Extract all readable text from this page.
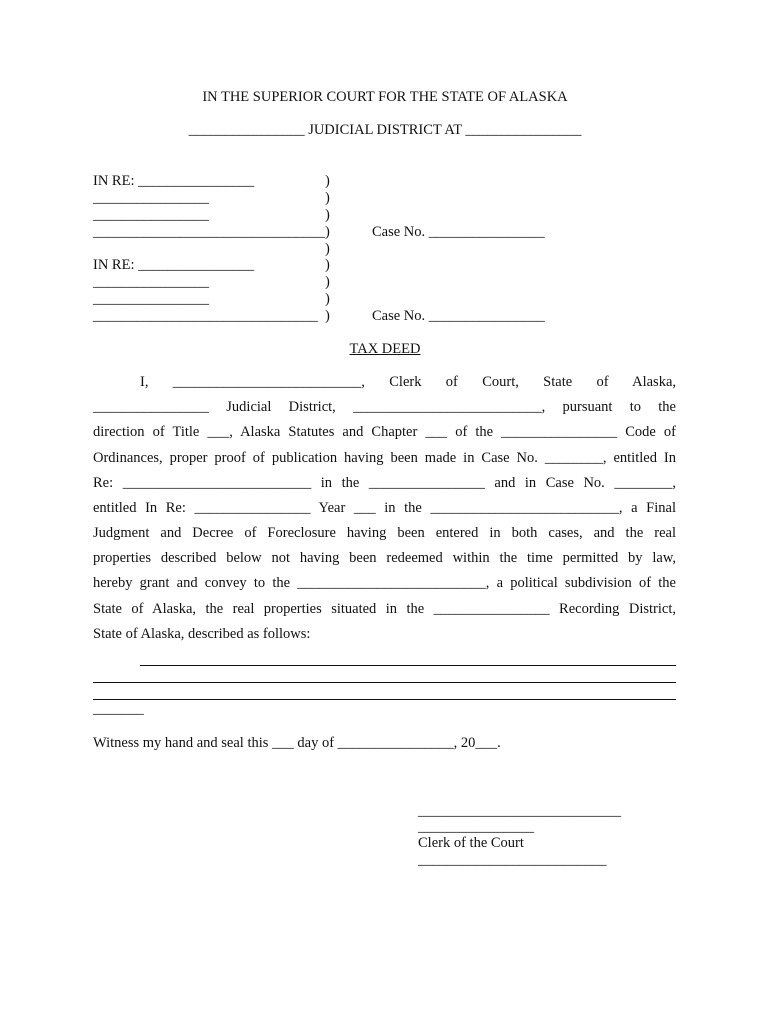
IN THE SUPERIOR COURT FOR THE STATE OF ALASKA
________________ JUDICIAL DISTRICT AT ________________
IN RE: ________________
________________
________________
________________________________
IN RE: ________________
________________
________________
_______________________________
)
)
)
)
)
)
)
)
)
Case No. ________________
Case No. ________________
TAX DEED
I, __________________________, Clerk of Court, State of Alaska,
________________ Judicial District, __________________________, pursuant to the
direction of Title ___, Alaska Statutes and Chapter ___ of the ________________ Code of
Ordinances, proper proof of publication having been made in Case No. ________, entitled In
Re: __________________________ in the ________________ and in Case No. ________,
entitled In Re: ________________ Year ___ in the __________________________, a Final
Judgment and Decree of Foreclosure having been entered in both cases, and the real
properties described below not having been redeemed within the time permitted by law,
hereby grant and convey to the __________________________, a political subdivision of the
State of Alaska, the real properties situated in the ________________ Recording District,
State of Alaska, described as follows:
_______
Witness my hand and seal this ___ day of ________________, 20___.
____________________________
________________
Clerk of the Court
__________________________
